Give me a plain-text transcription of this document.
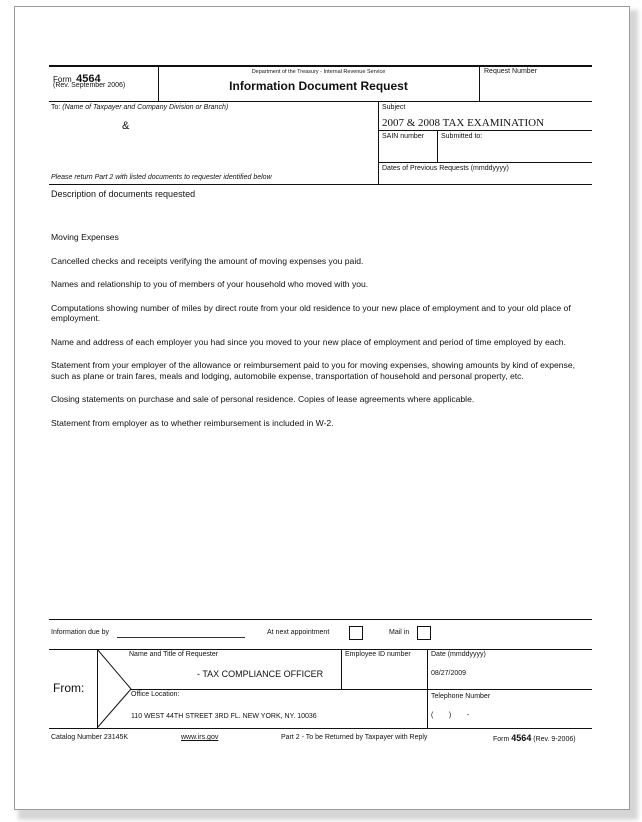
Form 4564
(Rev. September 2006)
Department of the Treasury - Internal Revenue Service
Information Document Request
Request Number
To: (Name of Taxpayer and Company Division or Branch)
&
Please return Part 2 with listed documents to requester identified below
Subject
2007 & 2008 TAX EXAMINATION
SAIN number Submitted to:
Dates of Previous Requests (mmddyyyy)
Description of documents requested

Moving Expenses

Cancelled checks and receipts verifying the amount of moving expenses you paid.

Names and relationship to you of members of your household who moved with you.

Computations showing number of miles by direct route from your old residence to your new place of employment and to your old place of employment.

Name and address of each employer you had since you moved to your new place of employment and period of time employed by each.

Statement from your employer of the allowance or reimbursement paid to you for moving expenses, showing amounts by kind of expense, such as plane or train fares, meals and lodging, automobile expense, transportation of household and personal property, etc.

Closing statements on purchase and sale of personal residence. Copies of lease agreements where applicable.

Statement from employer as to whether reimbursement is included in W-2.

Information due by	At next appointment	Mail in
From:
Name and Title of Requester
- TAX COMPLIANCE OFFICER
Employee ID number	Date (mmddyyyy)
08/27/2009
Office Location:
110 WEST 44TH STREET 3RD FL. NEW YORK, NY. 10036
Telephone Number
(        )        -
Catalog Number 23145K	www.irs.gov	Part 2 - To be Returned by Taxpayer with Reply	Form 4564 (Rev. 9-2006)
